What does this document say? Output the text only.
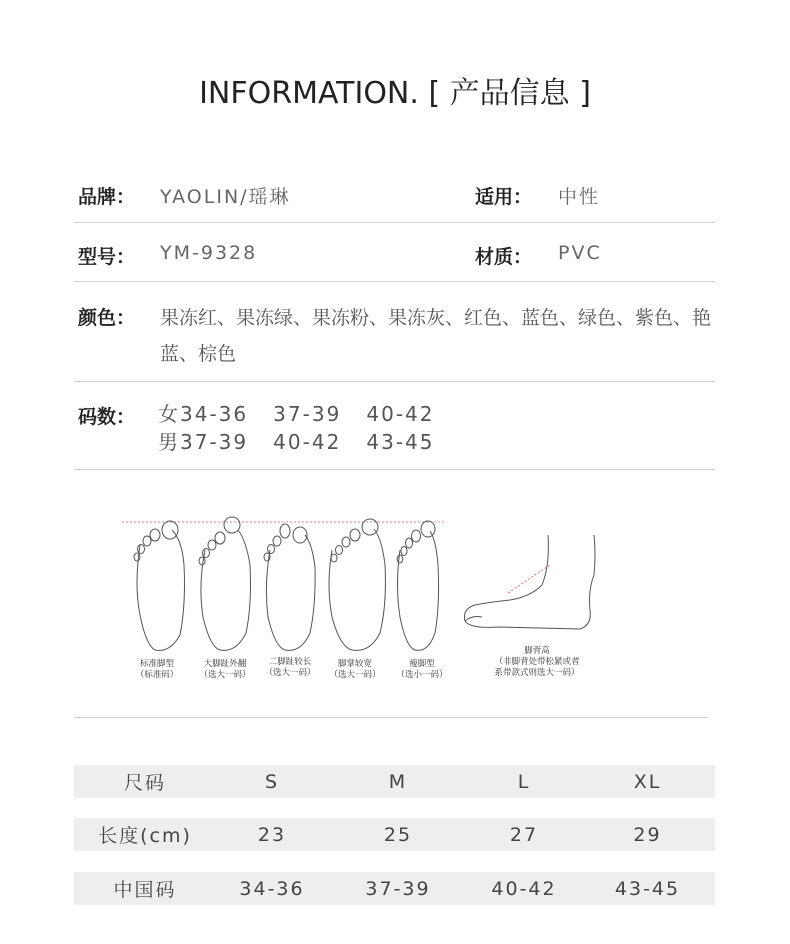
INFORMATION. [ 产品信息 ]
品牌： YAOLIN/瑶琳	适用： 中性
型号： YM-9328	材质： PVC
颜色： 果冻红、果冻绿、果冻粉、果冻灰、红色、蓝色、绿色、紫色、艳蓝、棕色
码数： 女34-36   37-39   40-42
男37-39   40-42   43-45
标准脚型
（标准码）
大脚趾外翻
（选大一码）
二脚趾较长
（选大一码）
脚掌较宽
（选大一码）
瘦脚型
（选小一码）
脚背高
（非脚背处带松紧或者
系带款式则选大一码）
尺码	S	M	L	XL
长度(cm)	23	25	27	29
中国码	34-36	37-39	40-42	43-45
